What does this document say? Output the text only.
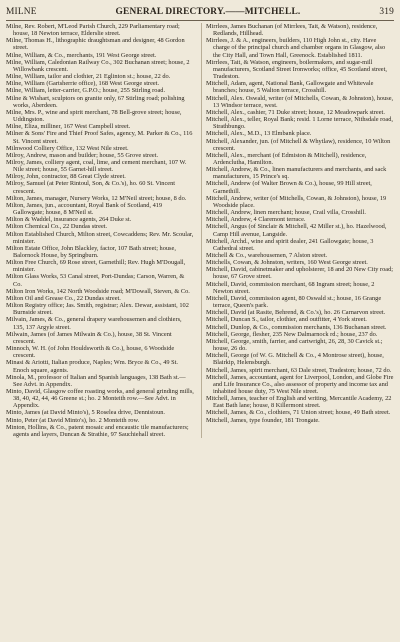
MILNE	GENERAL DIRECTORY.——MITCHELL.	319

Milne, Rev. Robert, M'Leod Parish Church, 229 Parliamentary road; house, 18 Newton terrace, Elderslie street.

Milne, Thomas H., lithographic draughtsman and designer, 48 Gordon street.

Milne, William, & Co., merchants, 191 West George street.

Milne, William, Caledonian Railway Co., 302 Buchanan street; house, 2 Willowbank crescent.

Milne, William, tailor and clothier, 21 Eglinton st.; house, 22 do.

Milne, William (Gartsherrie office), 168 West George street.

Milne, William, letter-carrier, G.P.O.; house, 255 Stirling road.

Milne & Wishart, sculptors on granite only, 67 Stirling road; polishing works, Aberdeen.

Milne, Mrs. P., wine and spirit merchant, 78 Bell-grove street; house, Uddingston.

Milne, Eliza, milliner, 167 West Campbell street.

Milner & Sons' Fire and Thief Proof Safes, agency, M. Parker & Co., 116 St. Vincent street.

Milnwood Colliery Office, 132 West Nile street.

Milroy, Andrew, mason and builder; house, 55 Grove street.

Milroy, James, colliery agent, coal, lime, and cement merchant, 107 W. Nile street; house, 55 Garnet-hill street.

Milroy, John, contractor, 88 Great Clyde street.

Milroy, Samuel (at Peter Rintoul, Son, & Co.'s), ho. 60 St. Vincent crescent.

Milton, James, manager, Nursery Works, 12 M'Neil street; house, 8 do.

Milton, James, jun., accountant, Royal Bank of Scotland, 419 Gallowgate; house, 8 M'Neil st.

Milton & Waddel, insurance agents, 264 Duke st.

Milton Chemical Co., 22 Dundas street.

Milton Established Church, Milton street, Cowcaddens; Rev. Mr. Scoular, minister.

Milton Estate Office, John Blackley, factor, 107 Bath street; house, Balornock House, by Springburn.

Milton Free Church, 69 Rose street, Garnethill; Rev. Hugh M'Dougall, minister.

Milton Glass Works, 53 Canal street, Port-Dundas; Carson, Warren, & Co.

Milton Iron Works, 142 North Woodside road; M'Dowall, Steven, & Co.

Milton Oil and Grease Co., 22 Dundas street.

Milton Registry office; Jas. Smith, registrar; Alex. Dewar, assistant, 102 Burnside street.

Milvain, James, & Co., general drapery warehousemen and clothiers, 135, 137 Argyle street.

Milwain, James (of James Milwain & Co.), house, 38 St. Vincent crescent.

Minnoch, W. H. (of John Houldsworth & Co.), house, 6 Woodside crescent.

Minasi & Ariotti, Italian produce, Naples; Wm. Bryce & Co., 49 St. Enoch square, agents.

Minola, M., professor of Italian and Spanish languages, 138 Bath st.—See Advt. in Appendix.

Minto, David, Glasgow coffee roasting works, and general grinding mills, 38, 40, 42, 44, 46 Greene st.; ho. 2 Monteith row.—See Advt. in Appendix.

Minto, James (at David Minto's), 5 Roselea drive, Dennistoun.

Minto, Peter (at David Minto's), ho. 2 Monteith row.

Minton, Hollins, & Co., patent mosaic and encaustic tile manufacturers; agents and layers, Duncan & Strathie, 97 Sauchiehall street.

Mirrlees, James Buchanan (of Mirrlees, Tait, & Watson), residence, Redlands, Hillhead.

Mirrlees, J. & A., engineers, builders, 110 High John st., city. Have charge of the principal church and chamber organs in Glasgow, also the City Hall, and Town Hall, Greenock. Established 1811.

Mirrlees, Tait, & Watson, engineers, boilermakers, and sugar-mill manufacturers, Scotland Street Ironworks; office, 45 Scotland street, Tradeston.

Mitchell, Adam, agent, National Bank, Gallowgate and Whitevale branches; house, 5 Walton terrace, Crosshill.

Mitchell, Alex. Oswald, writer (of Mitchells, Cowan, & Johnston), house, 13 Windsor terrace, west.

Mitchell, Alex., cashier, 71 Duke street; house, 12 Meadowpark street.

Mitchell, Alex., teller, Royal Bank; resid. 1 Lorne terrace, Nithsdale road, Strathbungo.

Mitchell, Alex., M.D., 13 Elmbank place.

Mitchell, Alexander, jun. (of Mitchell & Whytlaw), residence, 10 Wilton crescent.

Mitchell, Alex., merchant (of Edmiston & Mitchell), residence, Ardenclutha, Hamilton.

Mitchell, Andrew, & Co., linen manufacturers and merchants, and sack manufacturers, 15 Prince's sq.

Mitchell, Andrew (of Walter Brown & Co.), house, 99 Hill street, Garnethill.

Mitchell, Andrew, writer (of Mitchells, Cowan, & Johnston), house, 19 Woodside place.

Mitchell, Andrew, linen merchant; house, Crail villa, Crosshill.

Mitchell, Andrew, 4 Claremont terrace.

Mitchell, Angus (of Sinclair & Mitchell, 42 Miller st.), ho. Hazelwood, Camp Hill avenue, Langside.

Mitchell, Archd., wine and spirit dealer, 241 Gallowgate; house, 3 Cathedral street.

Mitchell & Co., warehousemen, 7 Alston street.

Mitchells, Cowan, & Johnston, writers, 160 West George street.

Mitchell, David, cabinetmaker and upholsterer, 18 and 20 New City road; house, 67 Grove street.

Mitchell, David, commission merchant, 68 Ingram street; house, 2 Newton street.

Mitchell, David, commission agent, 80 Oswald st.; house, 16 Grange terrace, Queen's park.

Mitchell, David (at Rasite, Behrend, & Co.'s), ho. 26 Carnarvon street.

Mitchell, Duncan S., tailor, clothier, and outfitter, 4 York street.

Mitchell, Dunlop, & Co., commission merchants, 136 Buchanan street.

Mitchell, George, flesher, 235 New Dalmarnock rd.; house, 237 do.

Mitchell, George, smith, farrier, and cartwright, 26, 28, 30 Cavick st.; house, 26 do.

Mitchell, George (of W. G. Mitchell & Co., 4 Montrose street), house, Blairkip, Helensburgh.

Mitchell, James, spirit merchant, 63 Dale street, Tradeston; house, 72 do.

Mitchell, James, accountant, agent for Liverpool, London, and Globe Fire and Life Insurance Co., also assessor of property and income tax and inhabited house duty, 75 West Nile street.

Mitchell, James, teacher of English and writing, Mercantile Academy, 22 East Bath lane; house, 8 Killermont street.

Mitchell, James, & Co., clothiers, 71 Union street; house, 49 Bath street.

Mitchell, James, type founder, 181 Trongate.
